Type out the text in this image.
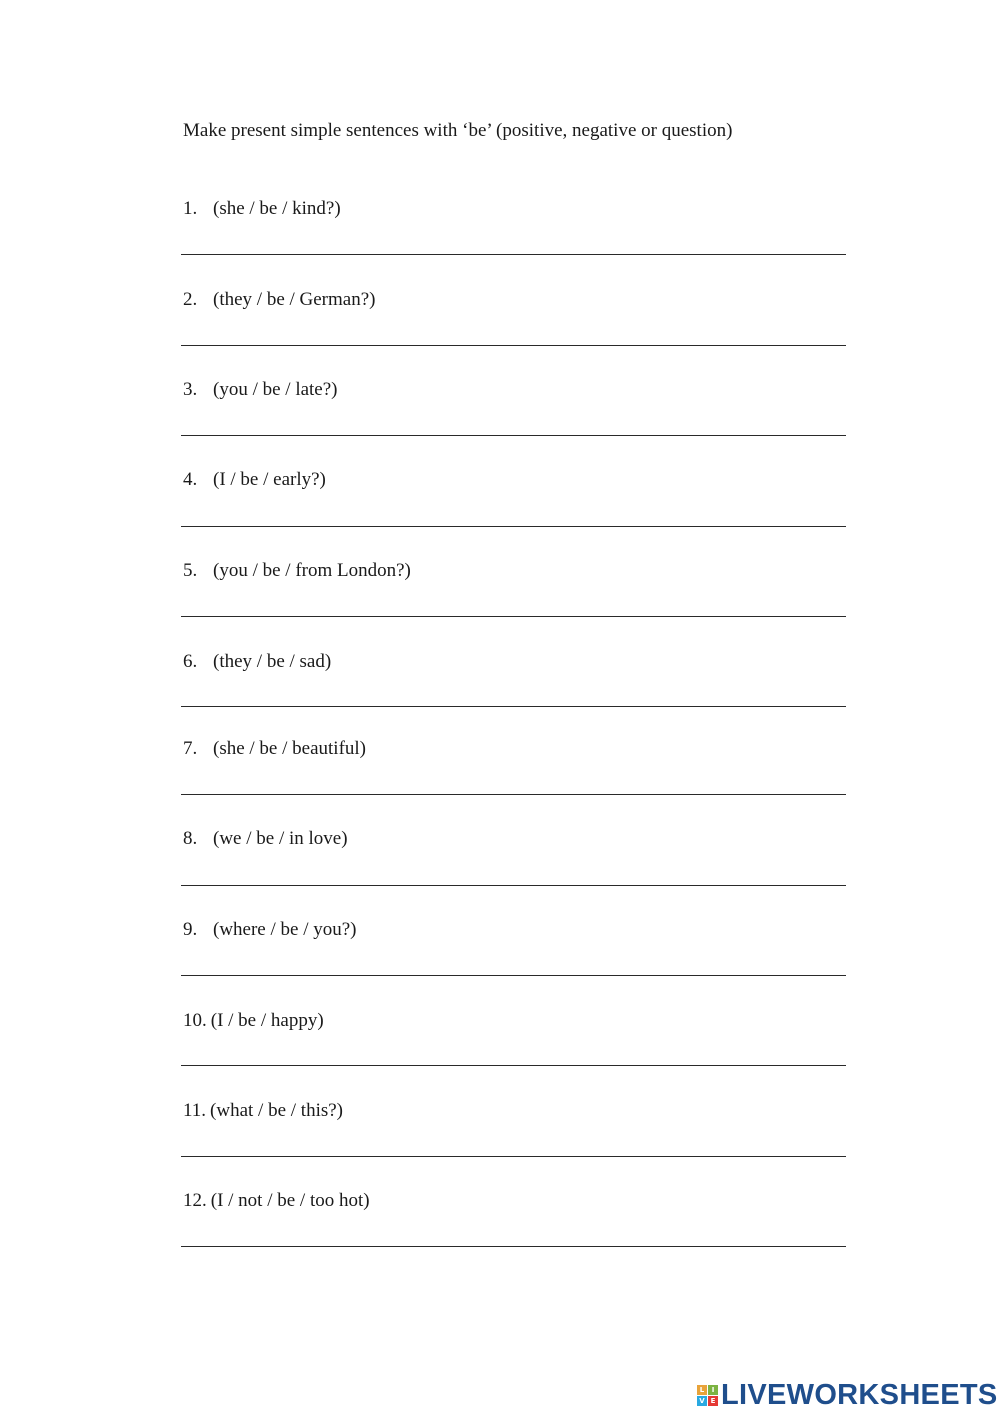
Make present simple sentences with ‘be’ (positive, negative or question)
1. (she / be / kind?)
2. (they / be / German?)
3. (you / be / late?)
4. (I / be / early?)
5. (you / be / from London?)
6. (they / be / sad)
7. (she / be / beautiful)
8. (we / be / in love)
9. (where / be / you?)
10. (I / be / happy)
11. (what / be / this?)
12. (I / not / be / too hot)
L	I
V E LIVEWORKSHEETS
